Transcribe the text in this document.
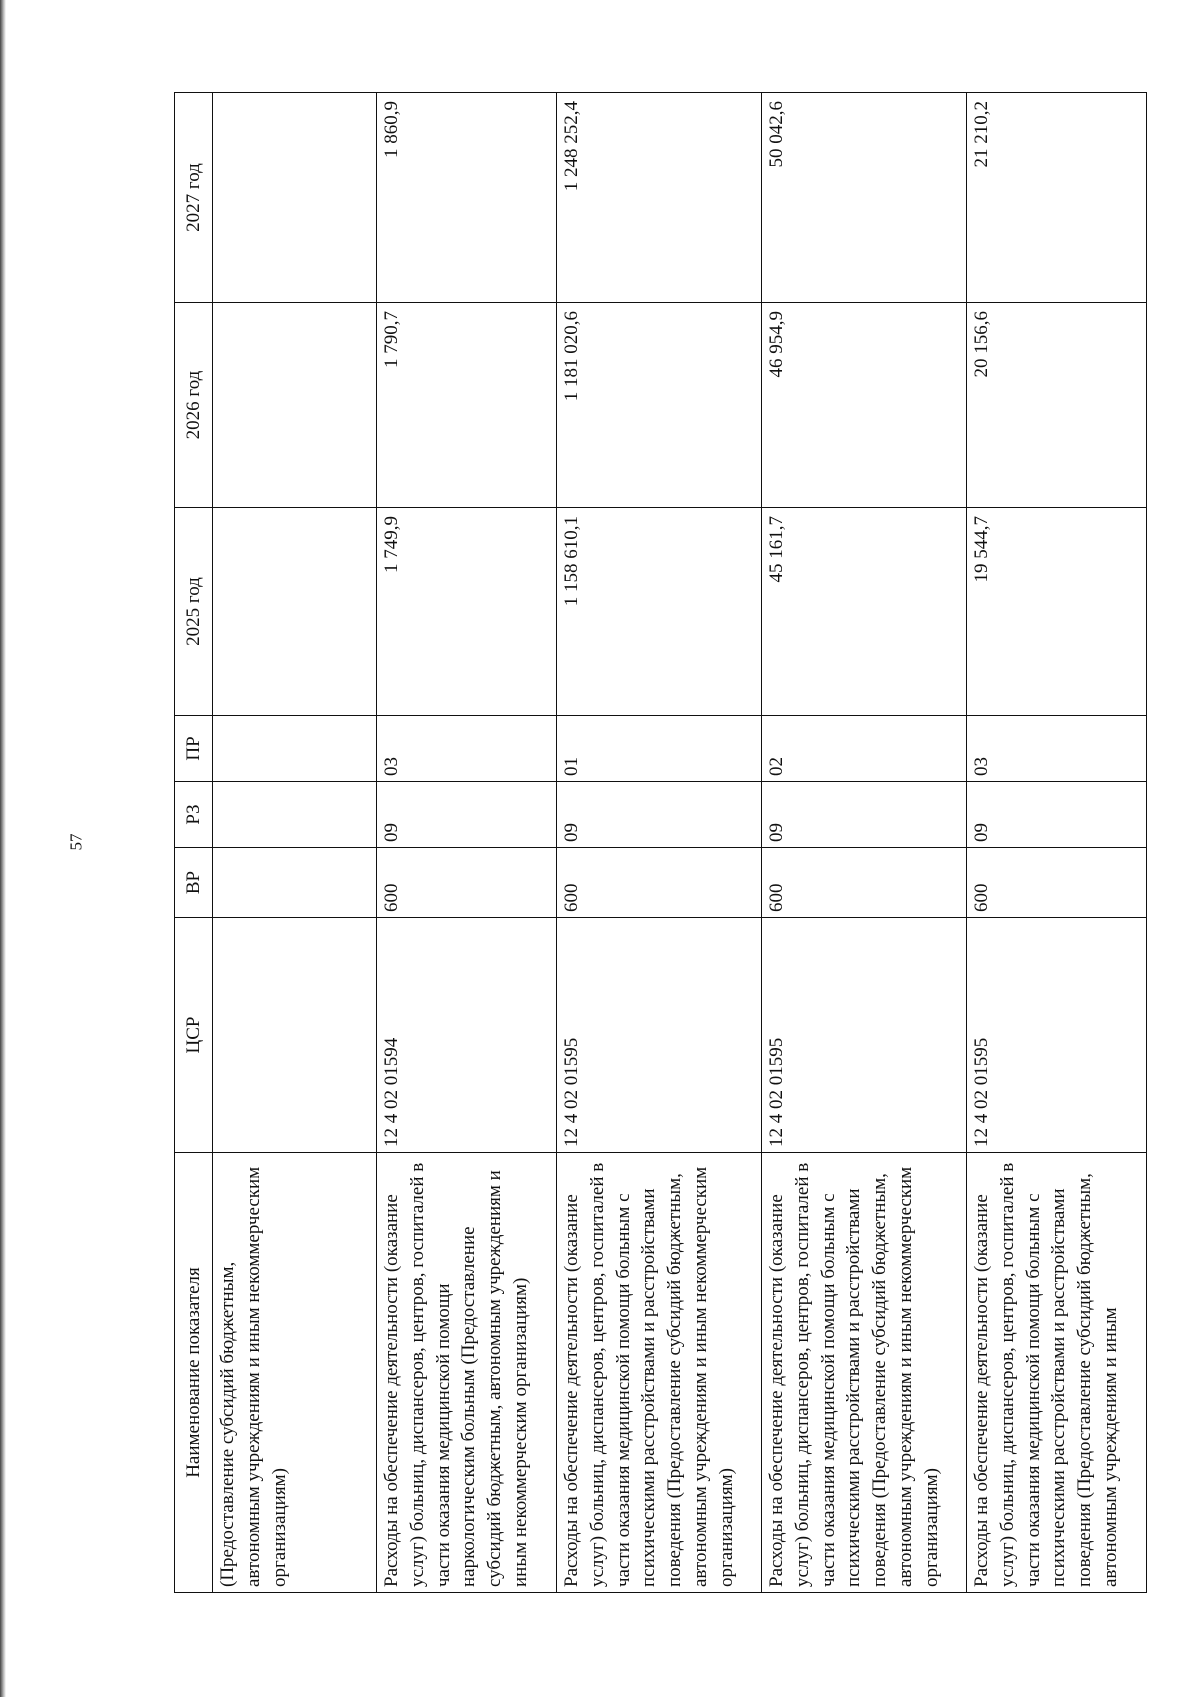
57
Наименование показателя	ЦСР	ВР	РЗ	ПР	2025 год	2026 год	2027 год
(Предоставление субсидий бюджетным, автономным учреждениям и иным некоммерческим организациям)							
Расходы на обеспечение деятельности (оказание услуг) больниц, диспансеров, центров, госпиталей в части оказания медицинской помощи наркологическим больным (Предоставление субсидий бюджетным, автономным учреждениям и иным некоммерческим организациям)	12 4 02 01594	600	09	03	1 749,9	1 790,7	1 860,9
Расходы на обеспечение деятельности (оказание услуг) больниц, диспансеров, центров, госпиталей в части оказания медицинской помощи больным с психическими расстройствами и расстройствами поведения (Предоставление субсидий бюджетным, автономным учреждениям и иным некоммерческим организациям)	12 4 02 01595	600	09	01	1 158 610,1	1 181 020,6	1 248 252,4
Расходы на обеспечение деятельности (оказание услуг) больниц, диспансеров, центров, госпиталей в части оказания медицинской помощи больным с психическими расстройствами и расстройствами поведения (Предоставление субсидий бюджетным, автономным учреждениям и иным некоммерческим организациям)	12 4 02 01595	600	09	02	45 161,7	46 954,9	50 042,6
Расходы на обеспечение деятельности (оказание услуг) больниц, диспансеров, центров, госпиталей в части оказания медицинской помощи больным с психическими расстройствами и расстройствами поведения (Предоставление субсидий бюджетным, автономным учреждениям и иным	12 4 02 01595	600	09	03	19 544,7	20 156,6	21 210,2
